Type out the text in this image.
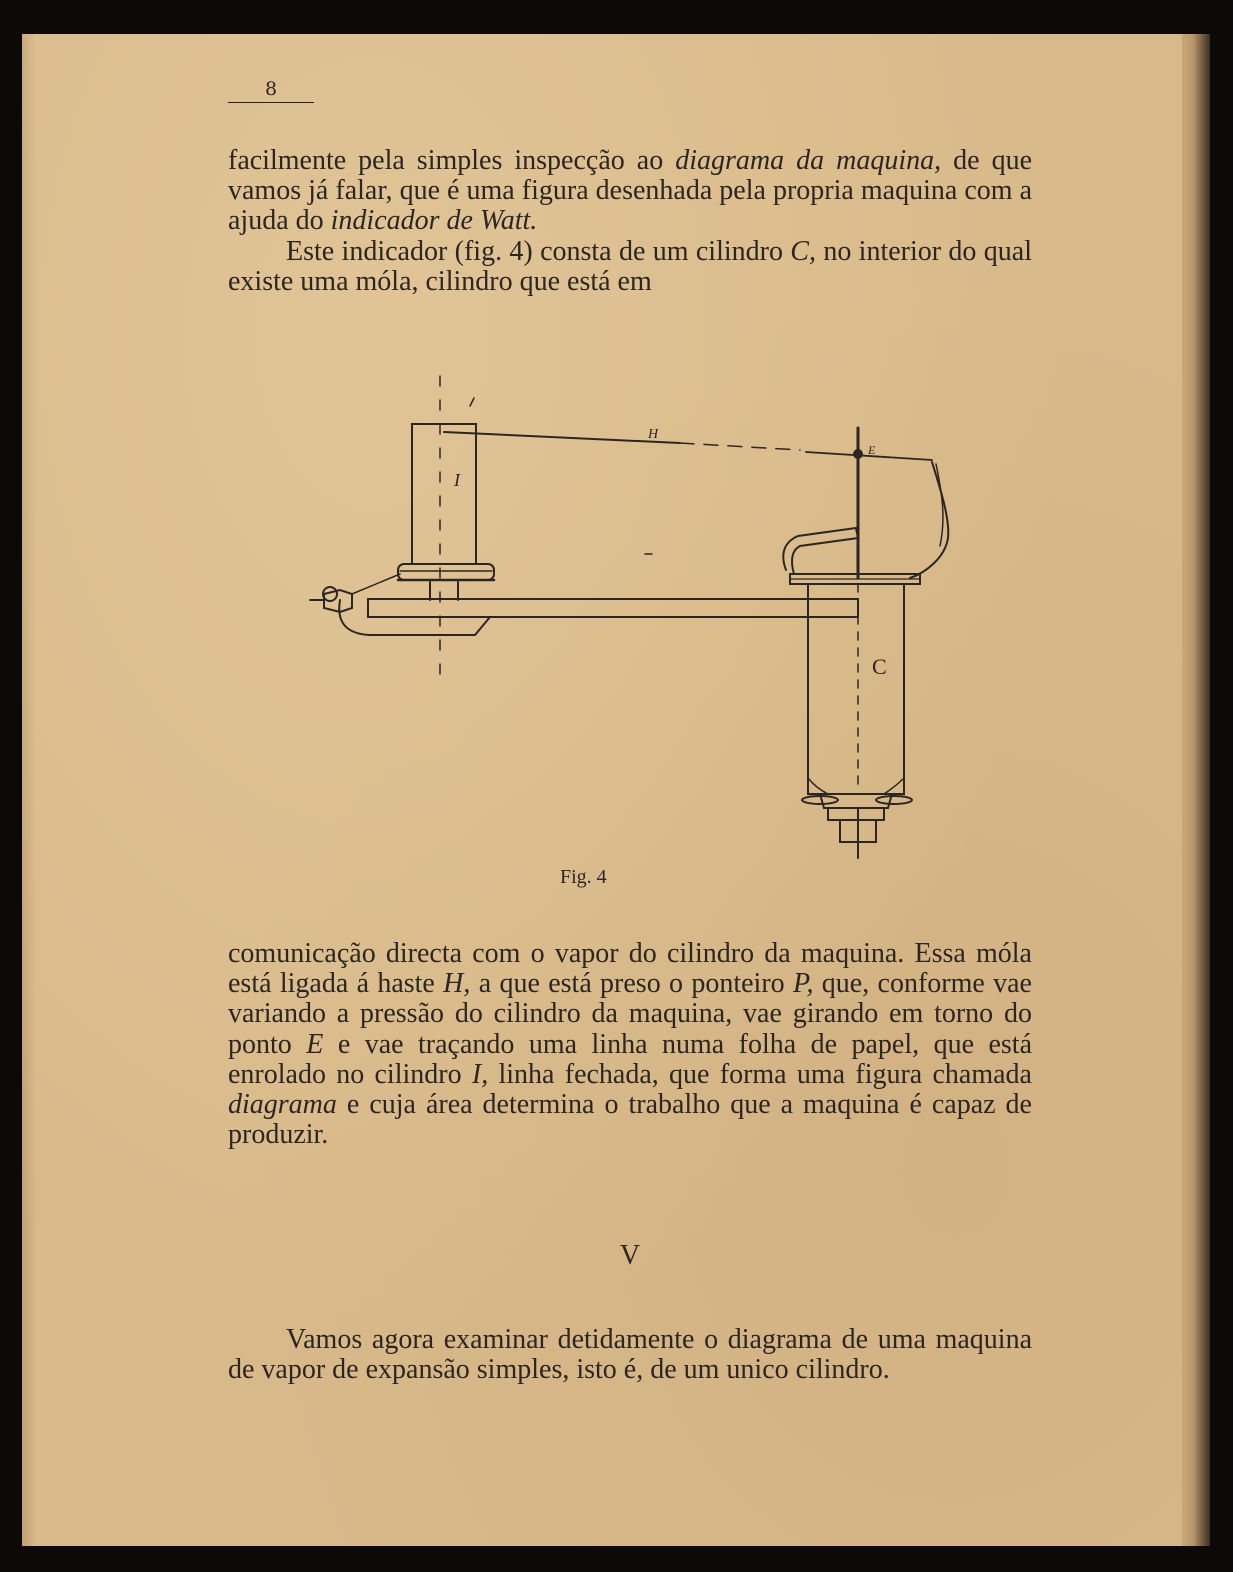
8

facilmente pela simples inspecção ao diagrama da maquina, de que vamos já falar, que é uma figura desenhada pela propria maquina com a ajuda do indicador de Watt.

Este indicador (fig. 4) consta de um cilindro C, no interior do qual existe uma móla, cilindro que está em

H
I
E
C
Fig. 4

comunicação directa com o vapor do cilindro da maquina. Essa móla está ligada á haste H, a que está preso o ponteiro P, que, conforme vae variando a pressão do cilindro da maquina, vae girando em torno do ponto E e vae traçando uma linha numa folha de papel, que está enrolado no cilindro I, linha fechada, que forma uma figura chamada diagrama e cuja área determina o trabalho que a maquina é capaz de produzir.

V

Vamos agora examinar detidamente o diagrama de uma maquina de vapor de expansão simples, isto é, de um unico cilindro.
